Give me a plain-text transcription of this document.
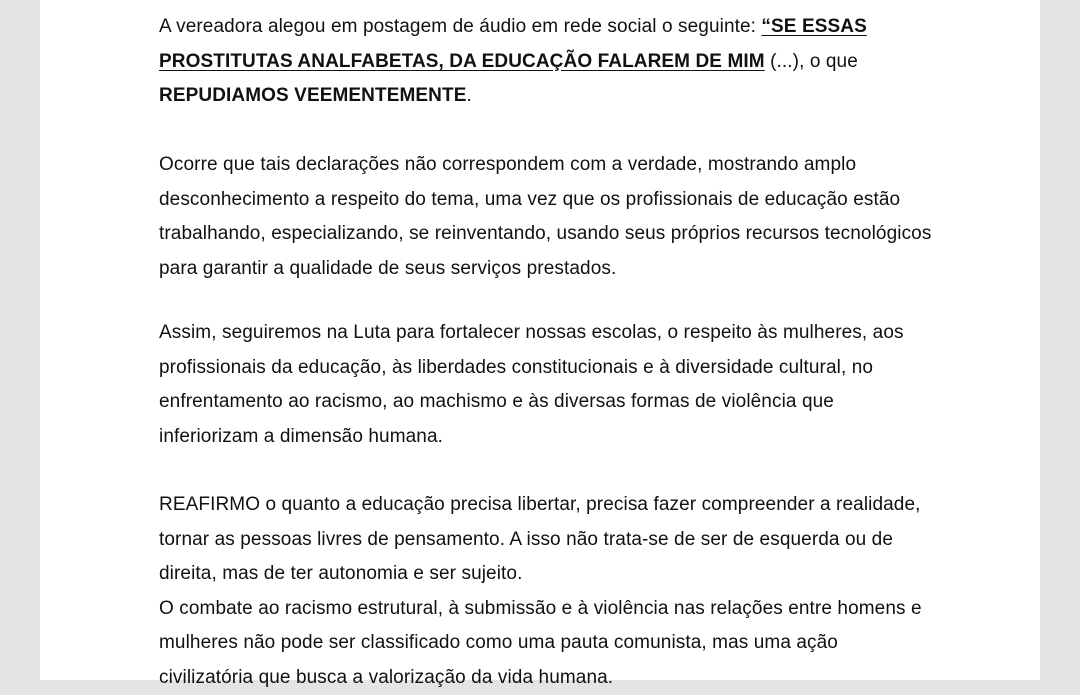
A vereadora alegou em postagem de áudio em rede social o seguinte: “SE ESSAS

PROSTITUTAS ANALFABETAS, DA EDUCAÇÃO FALAREM DE MIM (...), o que

REPUDIAMOS VEEMENTEMENTE.

Ocorre que tais declarações não correspondem com a verdade, mostrando amplo

desconhecimento a respeito do tema, uma vez que os profissionais de educação estão

trabalhando, especializando, se reinventando, usando seus próprios recursos tecnológicos

para garantir a qualidade de seus serviços prestados.

Assim, seguiremos na Luta para fortalecer nossas escolas, o respeito às mulheres, aos

profissionais da educação, às liberdades constitucionais e à diversidade cultural, no

enfrentamento ao racismo, ao machismo e às diversas formas de violência que

inferiorizam a dimensão humana.

REAFIRMO o quanto a educação precisa libertar, precisa fazer compreender a realidade,

tornar as pessoas livres de pensamento. A isso não trata-se de ser de esquerda ou de

direita, mas de ter autonomia e ser sujeito.

O combate ao racismo estrutural, à submissão e à violência nas relações entre homens e

mulheres não pode ser classificado como uma pauta comunista, mas uma ação

civilizatória que busca a valorização da vida humana.
